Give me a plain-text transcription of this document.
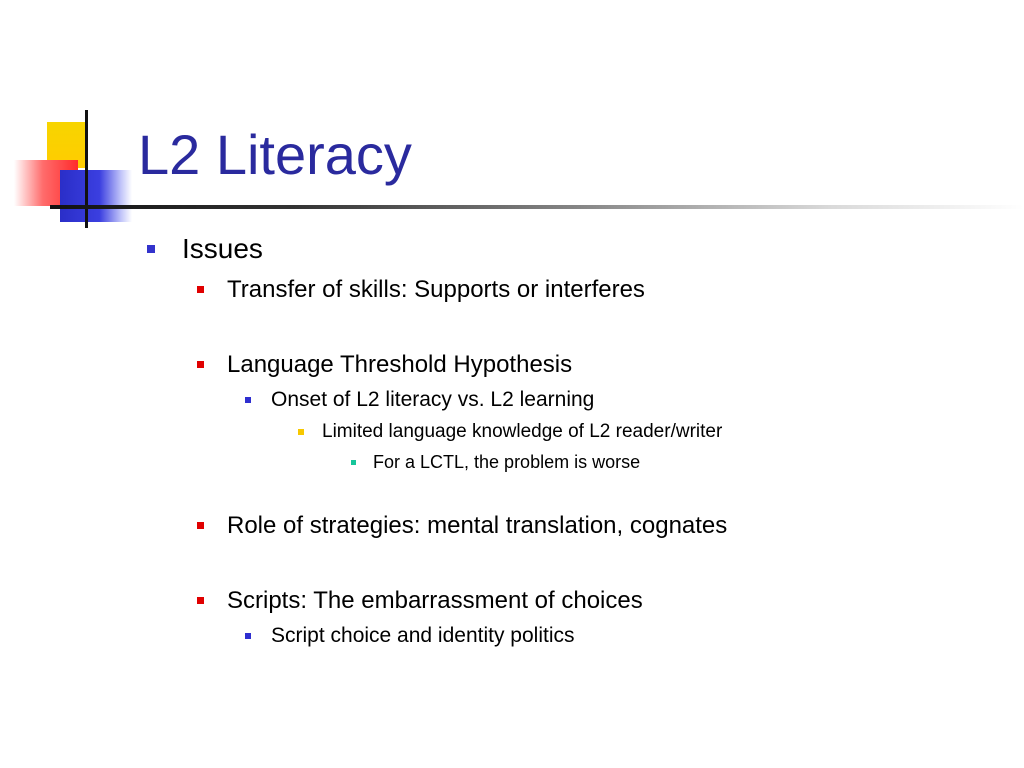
L2 Literacy
Issues
Transfer of skills: Supports or interferes
Language Threshold Hypothesis
Onset of L2 literacy vs. L2 learning
Limited language knowledge of L2 reader/writer
For a LCTL, the problem is worse
Role of strategies: mental translation, cognates
Scripts: The embarrassment of choices
Script choice and identity politics
